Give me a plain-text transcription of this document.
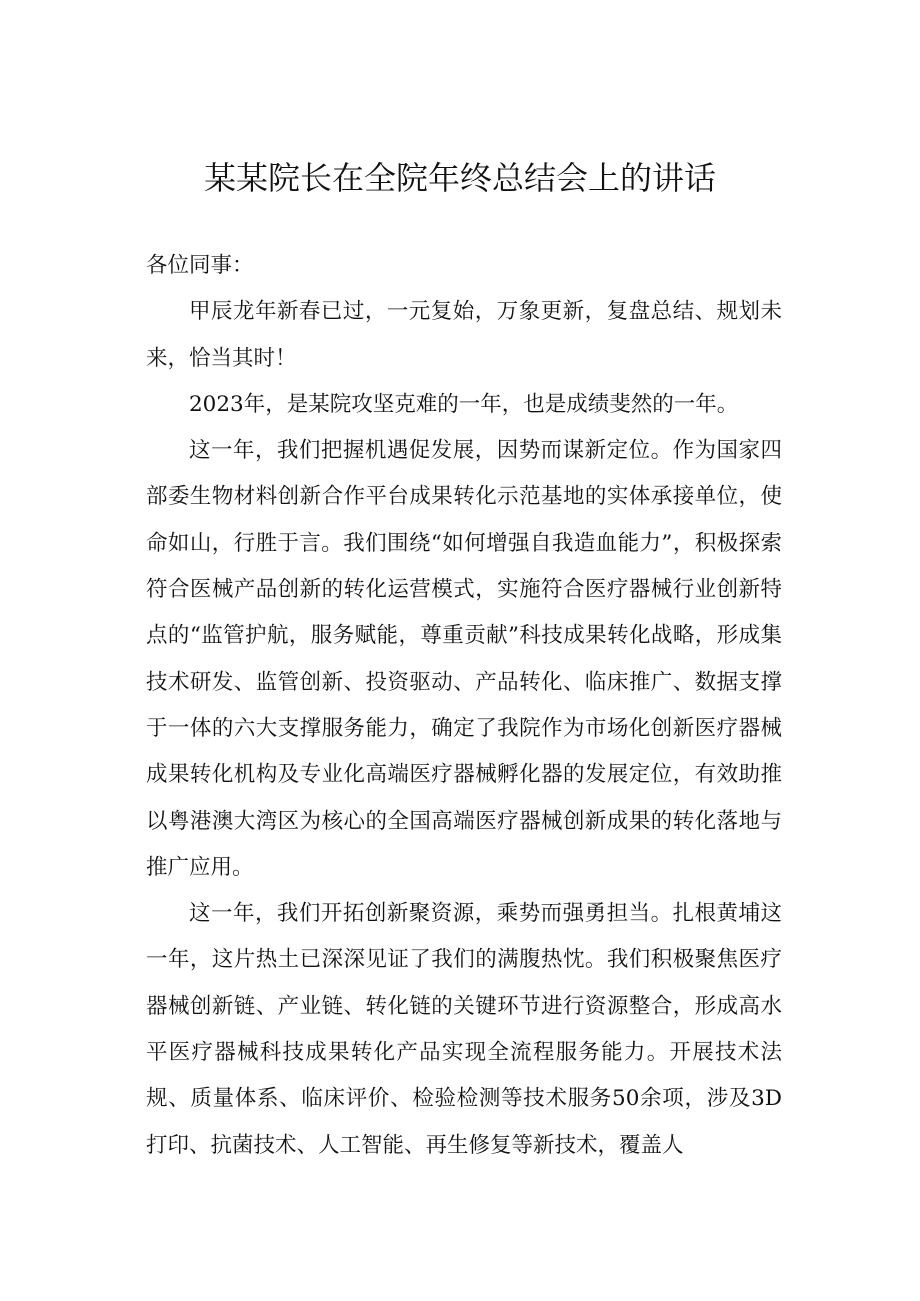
某某院长在全院年终总结会上的讲话

各位同事：

甲辰龙年新春已过，一元复始，万象更新，复盘总结、规划未来，恰当其时！

2023年，是某院攻坚克难的一年，也是成绩斐然的一年。

这一年，我们把握机遇促发展，因势而谋新定位。作为国家四部委生物材料创新合作平台成果转化示范基地的实体承接单位，使命如山，行胜于言。我们围绕“如何增强自我造血能力”，积极探索符合医械产品创新的转化运营模式，实施符合医疗器械行业创新特点的“监管护航，服务赋能，尊重贡献”科技成果转化战略，形成集技术研发、监管创新、投资驱动、产品转化、临床推广、数据支撑于一体的六大支撑服务能力，确定了我院作为市场化创新医疗器械成果转化机构及专业化高端医疗器械孵化器的发展定位，有效助推以粤港澳大湾区为核心的全国高端医疗器械创新成果的转化落地与推广应用。

这一年，我们开拓创新聚资源，乘势而强勇担当。扎根黄埔这一年，这片热土已深深见证了我们的满腹热忱。我们积极聚焦医疗器械创新链、产业链、转化链的关键环节进行资源整合，形成高水平医疗器械科技成果转化产品实现全流程服务能力。开展技术法规、质量体系、临床评价、检验检测等技术服务50余项，涉及3D打印、抗菌技术、人工智能、再生修复等新技术，覆盖人
